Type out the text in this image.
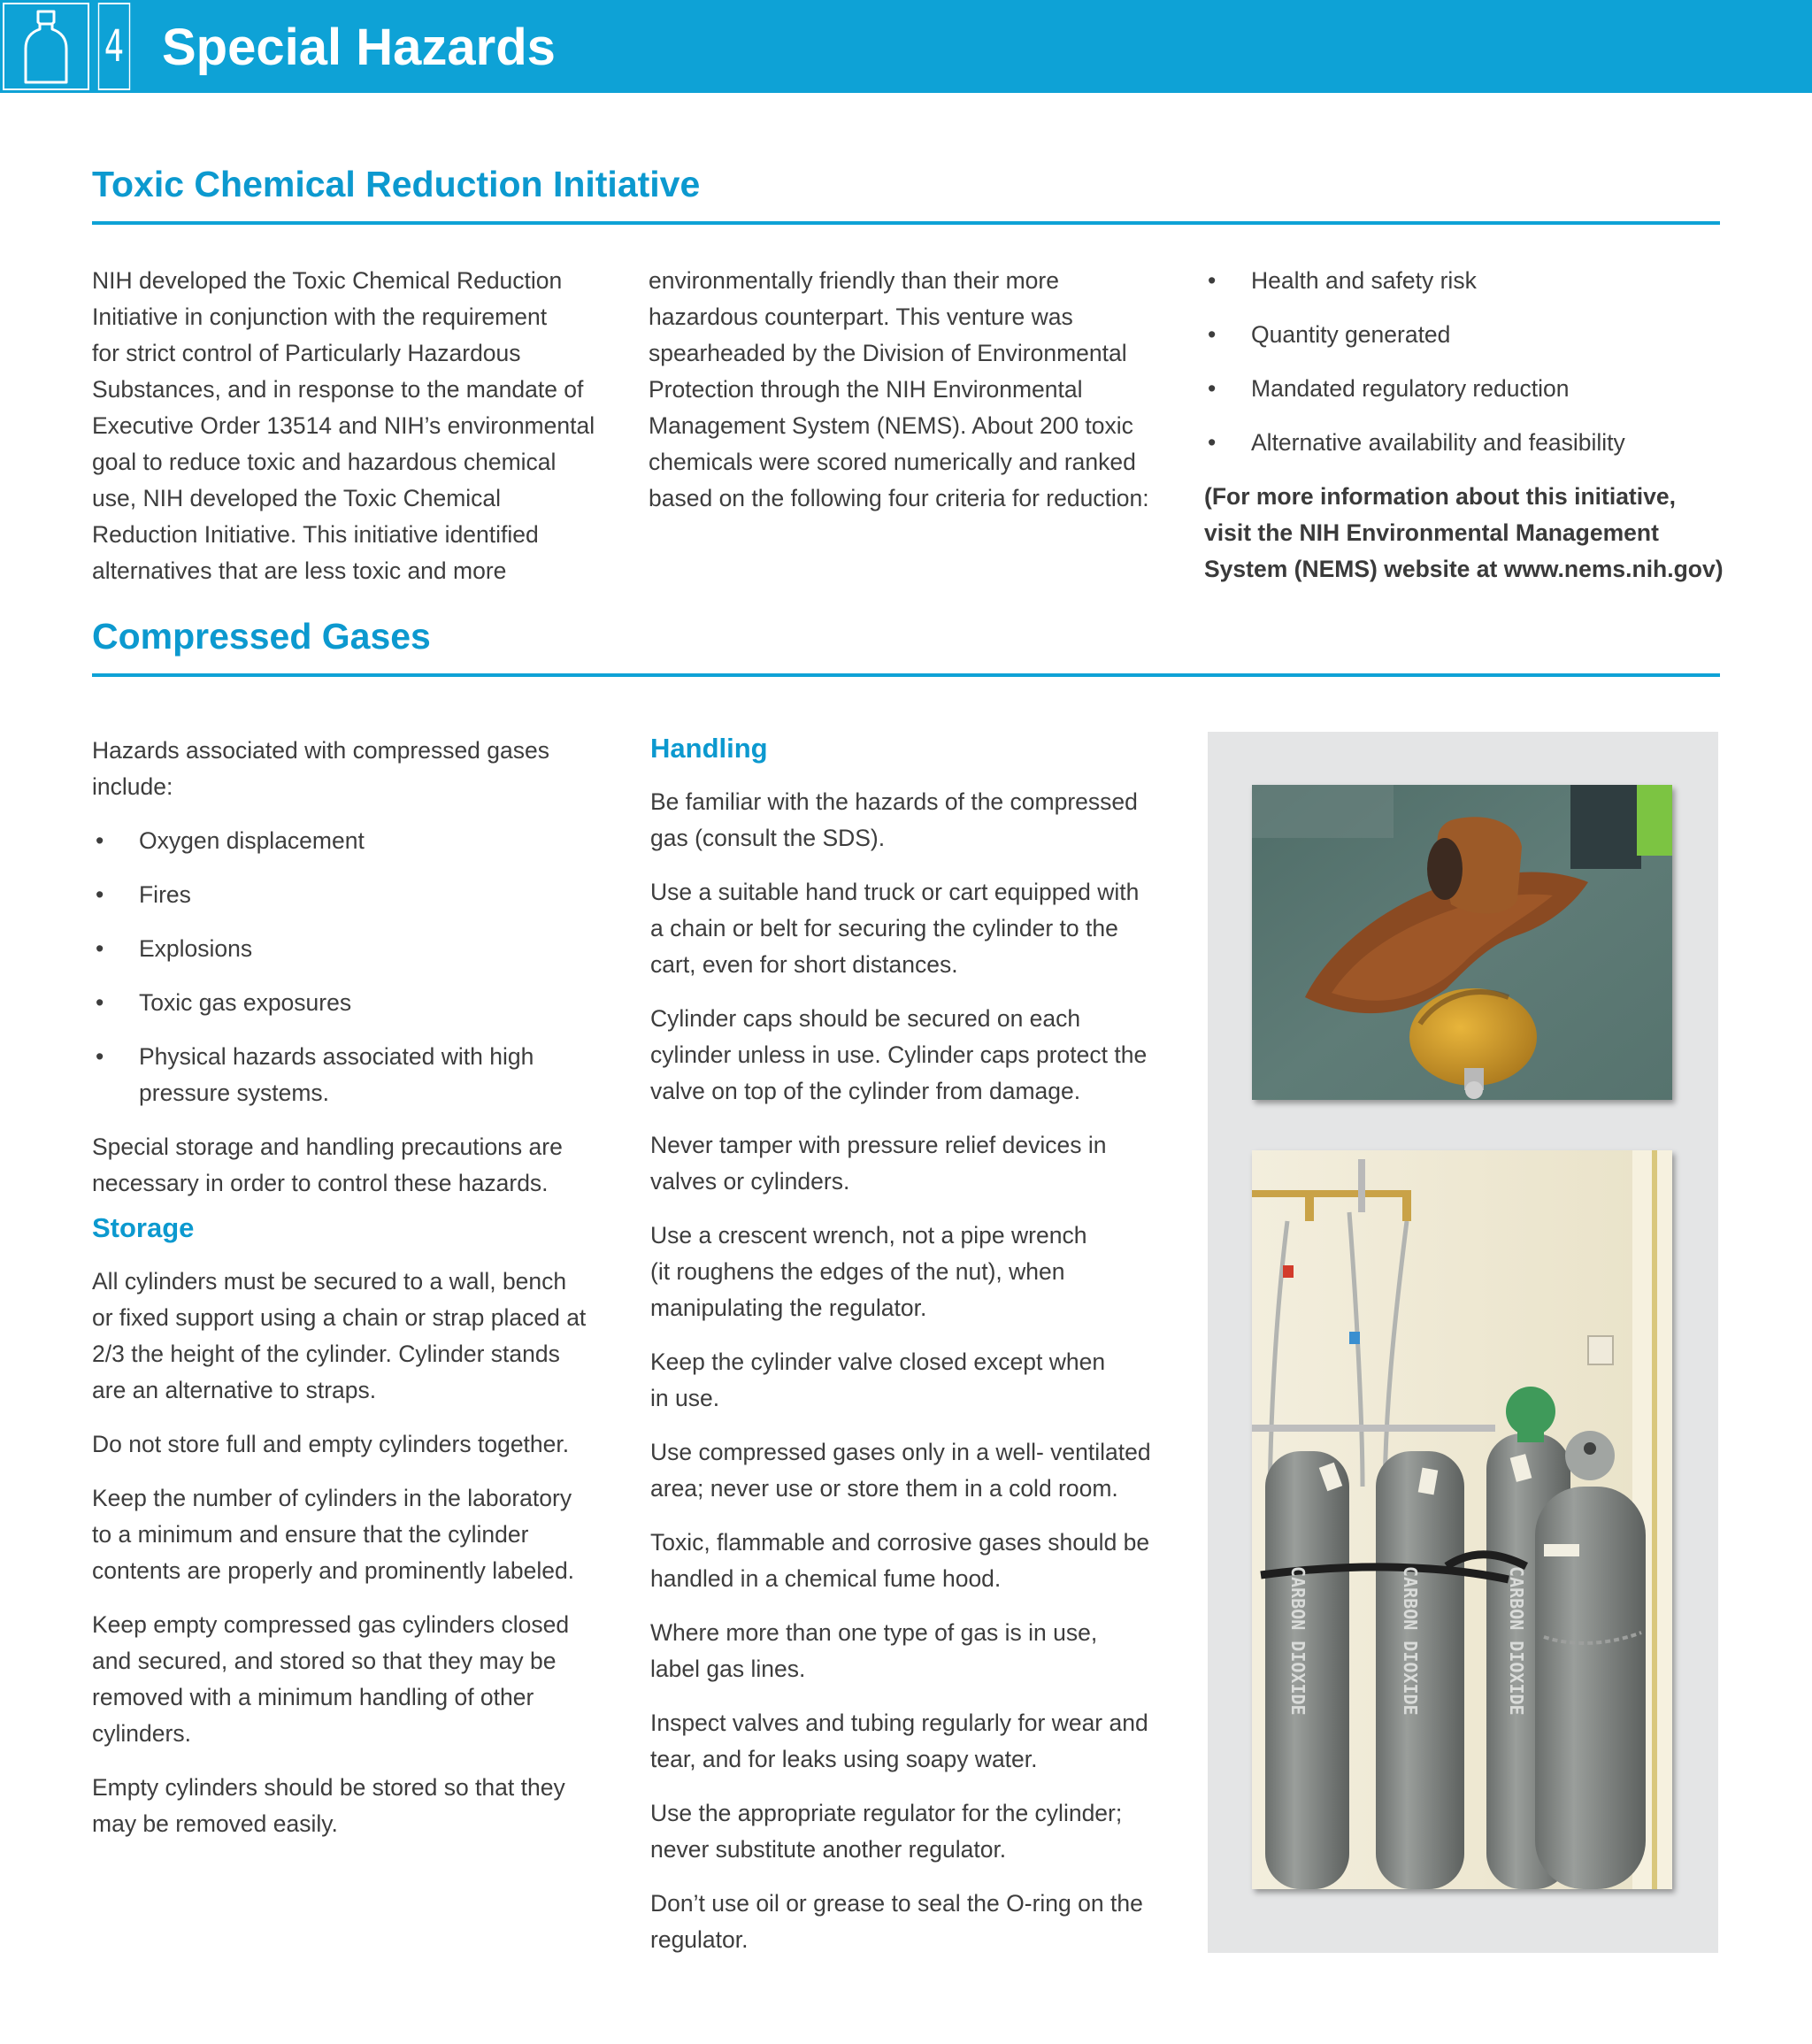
4 Special Hazards
Toxic Chemical Reduction Initiative
NIH developed the Toxic Chemical Reduction
Initiative in conjunction with the requirement
for strict control of Particularly Hazardous
Substances, and in response to the mandate of
Executive Order 13514 and NIH’s environmental
goal to reduce toxic and hazardous chemical
use, NIH developed the Toxic Chemical
Reduction Initiative. This initiative identified
alternatives that are less toxic and more
environmentally friendly than their more
hazardous counterpart. This venture was
spearheaded by the Division of Environmental
Protection through the NIH Environmental
Management System (NEMS). About 200 toxic
chemicals were scored numerically and ranked
based on the following four criteria for reduction:
• Health and safety risk
• Quantity generated
• Mandated regulatory reduction
• Alternative availability and feasibility
(For more information about this initiative,
visit the NIH Environmental Management
System (NEMS) website at www.nems.nih.gov)
Compressed Gases

Hazards associated with compressed gases
include:

• Oxygen displacement
• Fires
• Explosions
• Toxic gas exposures
• Physical hazards associated with high
pressure systems.

Special storage and handling precautions are
necessary in order to control these hazards.

Storage

All cylinders must be secured to a wall, bench
or fixed support using a chain or strap placed at
2/3 the height of the cylinder. Cylinder stands
are an alternative to straps.

Do not store full and empty cylinders together.

Keep the number of cylinders in the laboratory
to a minimum and ensure that the cylinder
contents are properly and prominently labeled.

Keep empty compressed gas cylinders closed
and secured, and stored so that they may be
removed with a minimum handling of other
cylinders.

Empty cylinders should be stored so that they
may be removed easily.

Handling

Be familiar with the hazards of the compressed
gas (consult the SDS).

Use a suitable hand truck or cart equipped with
a chain or belt for securing the cylinder to the
cart, even for short distances.

Cylinder caps should be secured on each
cylinder unless in use. Cylinder caps protect the
valve on top of the cylinder from damage.

Never tamper with pressure relief devices in
valves or cylinders.

Use a crescent wrench, not a pipe wrench
(it roughens the edges of the nut), when
manipulating the regulator.

Keep the cylinder valve closed except when
in use.

Use compressed gases only in a well- ventilated
area; never use or store them in a cold room.

Toxic, flammable and corrosive gases should be
handled in a chemical fume hood.

Where more than one type of gas is in use,
label gas lines.

Inspect valves and tubing regularly for wear and
tear, and for leaks using soapy water.

Use the appropriate regulator for the cylinder;
never substitute another regulator.

Don’t use oil or grease to seal the O-ring on the
regulator.

CARBON DIOXIDE	CARBON DIOXIDE	CARBON DIOXIDE
